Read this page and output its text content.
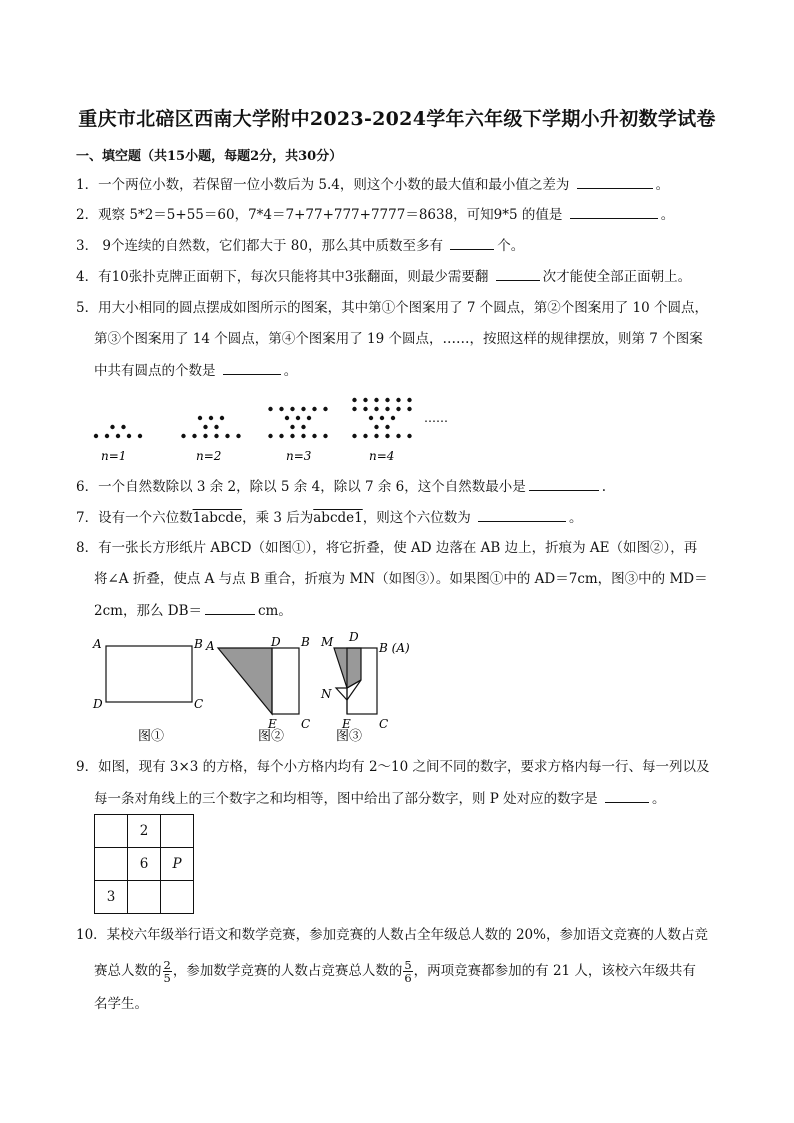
重庆市北碚区西南大学附中2023-2024学年六年级下学期小升初数学试卷
一、填空题（共15小题，每题2分，共30分）
1．一个两位小数，若保留一位小数后为 5.4，则这个小数的最大值和最小值之差为	。
2．观察 5*2＝5+55＝60，7*4＝7+77+777+7777＝8638，可知9*5 的值是	。
3． 9个连续的自然数，它们都大于 80，那么其中质数至多有	个。
4．有10张扑克牌正面朝下，每次只能将其中3张翻面，则最少需要翻	次才能使全部正面朝上。
5．用大小相同的圆点摆成如图所示的图案，其中第①个图案用了 7 个圆点，第②个图案用了 10 个圆点，
第③个图案用了 14 个圆点，第④个图案用了 19 个圆点，……，按照这样的规律摆放，则第 7 个图案
中共有圆点的个数是	。
n=1	n=2	n=3	n=4
……
6．一个自然数除以 3 余 2，除以 5 余 4，除以 7 余 6，这个自然数最小是	.
7．设有一个六位数1abcde，乘 3 后为abcde1，则这个六位数为	。
8．有一张长方形纸片 ABCD（如图①），将它折叠，使 AD 边落在 AB 边上，折痕为 AE（如图②），再
将∠A 折叠，使点 A 与点 B 重合，折痕为 MN（如图③）。如果图①中的 AD＝7cm，图③中的 MD＝
2cm，那么 DB＝	cm。
A	B
D	C
图①
A	D B
E C
图②
M D
B (A)
N
E C
图③
9．如图，现有 3×3 的方格，每个小方格内均有 2～10 之间不同的数字，要求方格内每一行、每一列以及
每一条对角线上的三个数字之和均相等，图中给出了部分数字，则 P 处对应的数字是	。
	2	
	6	P
3		
10．某校六年级举行语文和数学竞赛，参加竞赛的人数占全年级总人数的 20%，参加语文竞赛的人数占竞
赛总人数的 $\frac{2}{5}$ ，参加数学竞赛的人数占竞赛总人数的 $\frac{5}{6}$ ，两项竞赛都参加的有 21 人，该校六年级共有
名学生。
